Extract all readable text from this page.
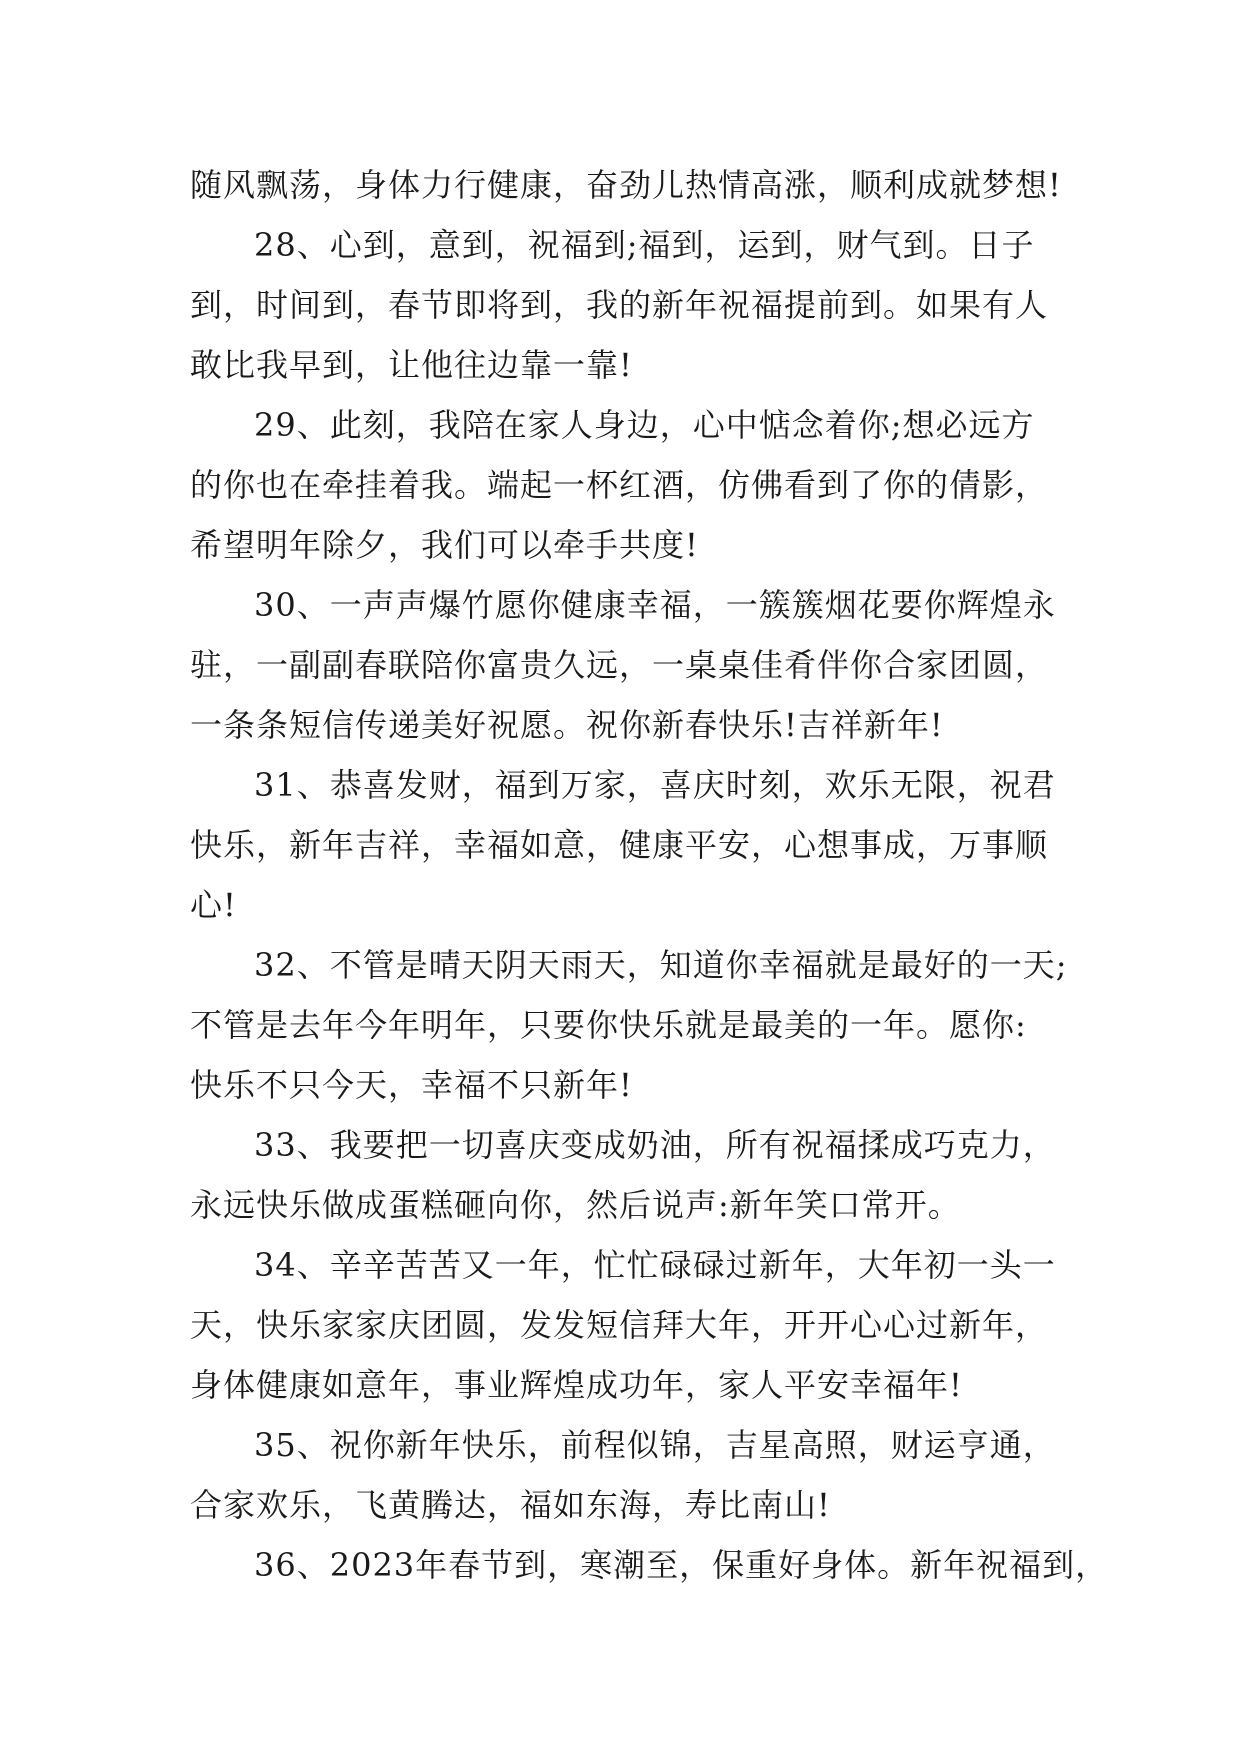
随风飘荡，身体力行健康，奋劲儿热情高涨，顺利成就梦想!
28、心到，意到，祝福到;福到，运到，财气到。日子
到，时间到，春节即将到，我的新年祝福提前到。如果有人
敢比我早到，让他往边靠一靠!
29、此刻，我陪在家人身边，心中惦念着你;想必远方
的你也在牵挂着我。端起一杯红酒，仿佛看到了你的倩影，
希望明年除夕，我们可以牵手共度!
30、一声声爆竹愿你健康幸福，一簇簇烟花要你辉煌永
驻，一副副春联陪你富贵久远，一桌桌佳肴伴你合家团圆，
一条条短信传递美好祝愿。祝你新春快乐!吉祥新年!
31、恭喜发财，福到万家，喜庆时刻，欢乐无限，祝君
快乐，新年吉祥，幸福如意，健康平安，心想事成，万事顺
心!
32、不管是晴天阴天雨天，知道你幸福就是最好的一天;
不管是去年今年明年，只要你快乐就是最美的一年。愿你:
快乐不只今天，幸福不只新年!
33、我要把一切喜庆变成奶油，所有祝福揉成巧克力，
永远快乐做成蛋糕砸向你，然后说声:新年笑口常开。
34、辛辛苦苦又一年，忙忙碌碌过新年，大年初一头一
天，快乐家家庆团圆，发发短信拜大年，开开心心过新年，
身体健康如意年，事业辉煌成功年，家人平安幸福年!
35、祝你新年快乐，前程似锦，吉星高照，财运亨通，
合家欢乐，飞黄腾达，福如东海，寿比南山!
36、2023年春节到，寒潮至，保重好身体。新年祝福到，
